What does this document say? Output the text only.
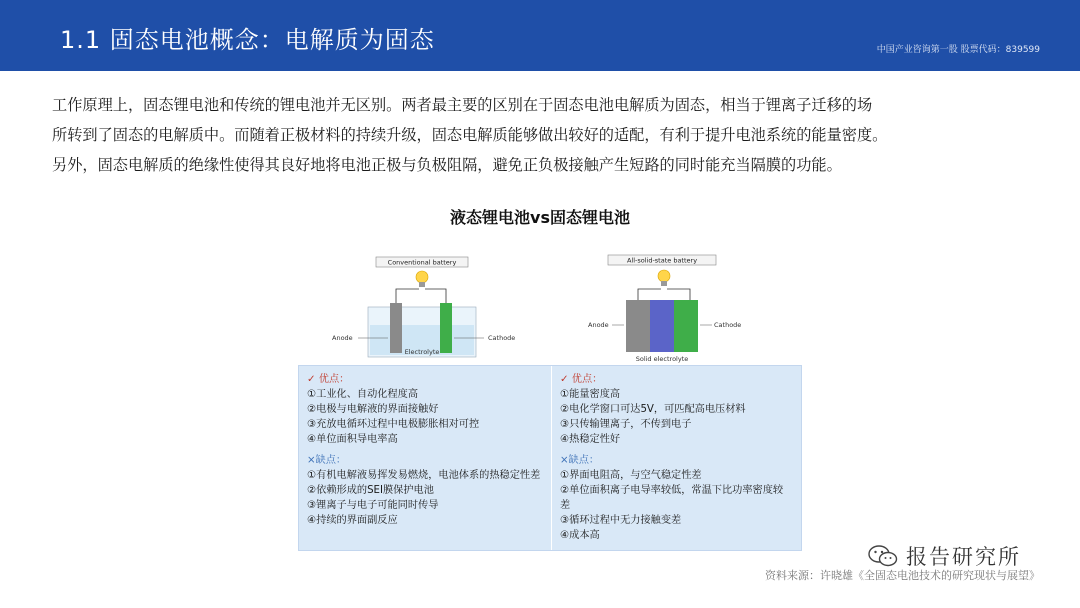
1.1 固态电池概念：电解质为固态	中国产业咨询第一股 股票代码：839599

工作原理上，固态锂电池和传统的锂电池并无区别。两者最主要的区别在于固态电池电解质为固态，相当于锂离子迁移的场

所转到了固态的电解质中。而随着正极材料的持续升级，固态电解质能够做出较好的适配，有利于提升电池系统的能量密度。

另外，固态电解质的绝缘性使得其良好地将电池正极与负极阻隔，避免正负极接触产生短路的同时能充当隔膜的功能。

液态锂电池vs固态锂电池
Conventional battery
Anode	Cathode
Electrolyte
All-solid-state battery
Anode	Cathode
Solid electrolyte
✓ 优点：
①工业化、自动化程度高
②电极与电解液的界面接触好
③充放电循环过程中电极膨胀相对可控
④单位面积导电率高
×缺点：
①有机电解液易挥发易燃烧，电池体系的热稳定性差
②依赖形成的SEI膜保护电池
③锂离子与电子可能同时传导
④持续的界面副反应
✓ 优点：
①能量密度高
②电化学窗口可达5V，可匹配高电压材料
③只传输锂离子，不传到电子
④热稳定性好
×缺点：
①界面电阻高，与空气稳定性差
②单位面积离子电导率较低，常温下比功率密度较差
③循环过程中无力接触变差
④成本高
报告研究所
资料来源：许晓雄《全固态电池技术的研究现状与展望》
